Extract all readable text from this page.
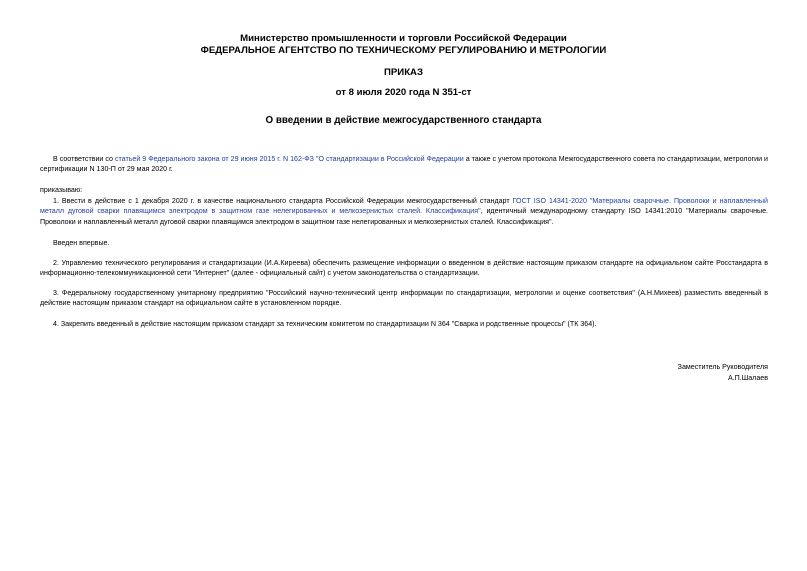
Министерство промышленности и торговли Российской Федерации
ФЕДЕРАЛЬНОЕ АГЕНТСТВО ПО ТЕХНИЧЕСКОМУ РЕГУЛИРОВАНИЮ И МЕТРОЛОГИИ
ПРИКАЗ
от 8 июля 2020 года N 351-ст
О введении в действие межгосударственного стандарта

В соответствии со статьей 9 Федерального закона от 29 июня 2015 г. N 162-ФЗ "О стандартизации в Российской Федерации а также с учетом протокола Межгосударственного совета по стандартизации, метрологии и сертификации N 130-П от 29 мая 2020 г.

приказываю:

1. Ввести в действие с 1 декабря 2020 г. в качестве национального стандарта Российской Федерации межгосударственный стандарт ГОСТ ISO 14341-2020 "Материалы сварочные. Проволоки и наплавленный металл дуговой сварки плавящимся электродом в защитном газе нелегированных и мелкозернистых сталей. Классификация", идентичный международному стандарту ISO 14341:2010 "Материалы сварочные. Проволоки и наплавленный металл дуговой сварки плавящимся электродом в защитном газе нелегированных и мелкозернистых сталей. Классификация".

Введен впервые.

2. Управлению технического регулирования и стандартизации (И.А.Киреева) обеспечить размещение информации о введенном в действие настоящим приказом стандарте на официальном сайте Росстандарта в информационно-телекоммуникационной сети "Интернет" (далее - официальный сайт) с учетом законодательства о стандартизации.

3. Федеральному государственному унитарному предприятию "Российский научно-технический центр информации по стандартизации, метрологии и оценке соответствия" (А.Н.Михеев) разместить введенный в действие настоящим приказом стандарт на официальном сайте в установленном порядке.

4. Закрепить введенный в действие настоящим приказом стандарт за техническим комитетом по стандартизации N 364 "Сварка и родственные процессы" (ТК 364).

Заместитель Руководителя
А.П.Шалаев
